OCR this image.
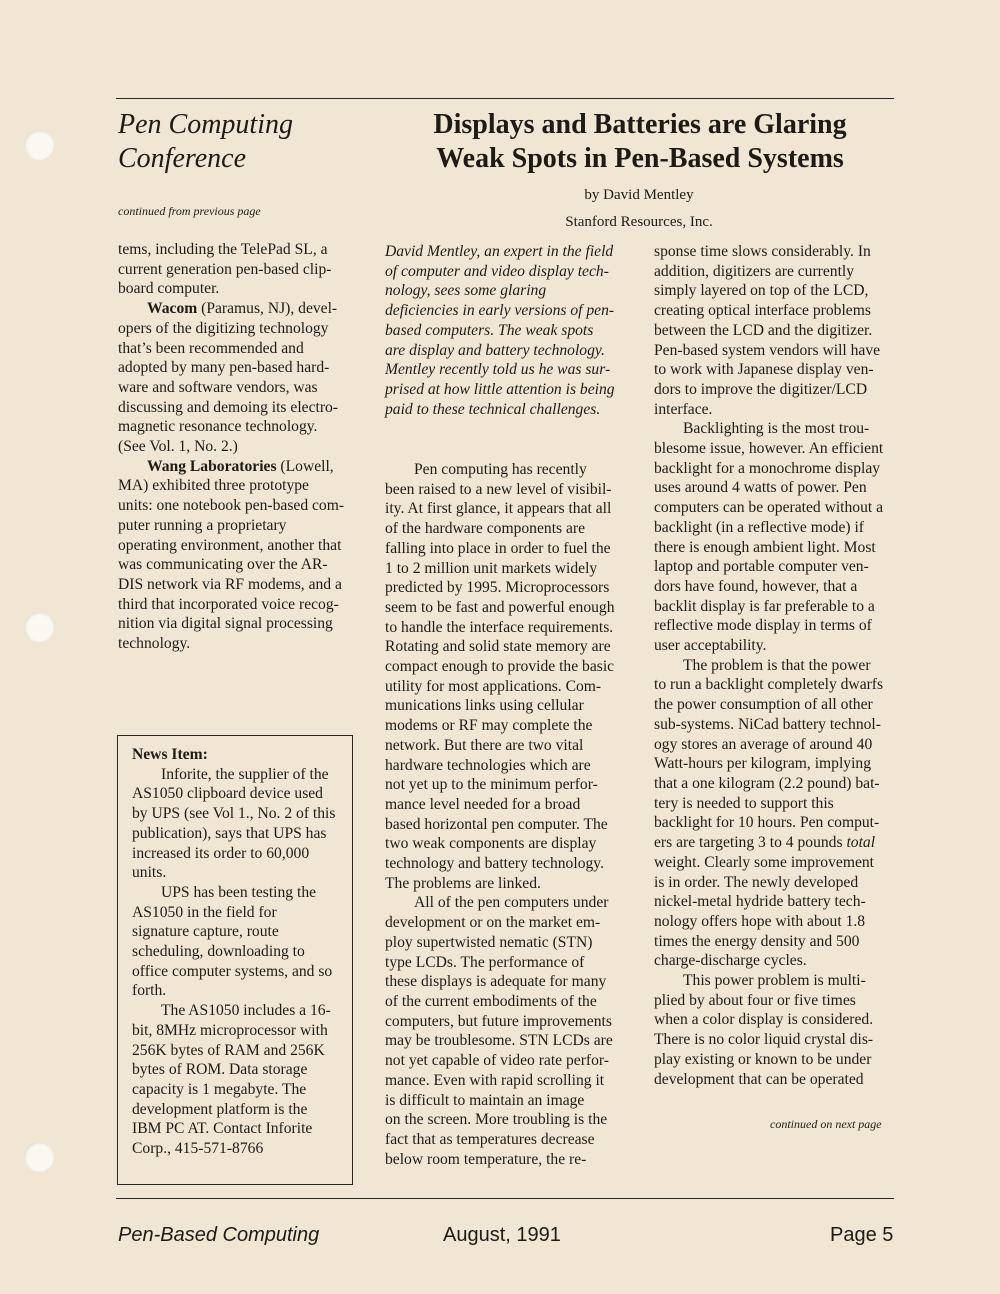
Pen Computing
Conference
continued from previous page
Displays and Batteries are Glaring
Weak Spots in Pen-Based Systems
by David Mentley
Stanford Resources, Inc.
tems, including the TelePad SL, a
current generation pen-based clip-
board computer.
Wacom (Paramus, NJ), devel-
opers of the digitizing technology
that’s been recommended and
adopted by many pen-based hard-
ware and software vendors, was
discussing and demoing its electro-
magnetic resonance technology.
(See Vol. 1, No. 2.)
Wang Laboratories (Lowell,
MA) exhibited three prototype
units: one notebook pen-based com-
puter running a proprietary
operating environment, another that
was communicating over the AR-
DIS network via RF modems, and a
third that incorporated voice recog-
nition via digital signal processing
technology.
News Item:
Inforite, the supplier of the
AS1050 clipboard device used
by UPS (see Vol 1., No. 2 of this
publication), says that UPS has
increased its order to 60,000
units.
UPS has been testing the
AS1050 in the field for
signature capture, route
scheduling, downloading to
office computer systems, and so
forth.
The AS1050 includes a 16-
bit, 8MHz microprocessor with
256K bytes of RAM and 256K
bytes of ROM. Data storage
capacity is 1 megabyte. The
development platform is the
IBM PC AT. Contact Inforite
Corp., 415-571-8766
David Mentley, an expert in the field
of computer and video display tech-
nology, sees some glaring
deficiencies in early versions of pen-
based computers. The weak spots
are display and battery technology.
Mentley recently told us he was sur-
prised at how little attention is being
paid to these technical challenges.
Pen computing has recently
been raised to a new level of visibil-
ity. At first glance, it appears that all
of the hardware components are
falling into place in order to fuel the
1 to 2 million unit markets widely
predicted by 1995. Microprocessors
seem to be fast and powerful enough
to handle the interface requirements.
Rotating and solid state memory are
compact enough to provide the basic
utility for most applications. Com-
munications links using cellular
modems or RF may complete the
network. But there are two vital
hardware technologies which are
not yet up to the minimum perfor-
mance level needed for a broad
based horizontal pen computer. The
two weak components are display
technology and battery technology.
The problems are linked.
All of the pen computers under
development or on the market em-
ploy supertwisted nematic (STN)
type LCDs. The performance of
these displays is adequate for many
of the current embodiments of the
computers, but future improvements
may be troublesome. STN LCDs are
not yet capable of video rate perfor-
mance. Even with rapid scrolling it
is difficult to maintain an image
on the screen. More troubling is the
fact that as temperatures decrease
below room temperature, the re-
sponse time slows considerably. In
addition, digitizers are currently
simply layered on top of the LCD,
creating optical interface problems
between the LCD and the digitizer.
Pen-based system vendors will have
to work with Japanese display ven-
dors to improve the digitizer/LCD
interface.
Backlighting is the most trou-
blesome issue, however. An efficient
backlight for a monochrome display
uses around 4 watts of power. Pen
computers can be operated without a
backlight (in a reflective mode) if
there is enough ambient light. Most
laptop and portable computer ven-
dors have found, however, that a
backlit display is far preferable to a
reflective mode display in terms of
user acceptability.
The problem is that the power
to run a backlight completely dwarfs
the power consumption of all other
sub-systems. NiCad battery technol-
ogy stores an average of around 40
Watt-hours per kilogram, implying
that a one kilogram (2.2 pound) bat-
tery is needed to support this
backlight for 10 hours. Pen comput-
ers are targeting 3 to 4 pounds total
weight. Clearly some improvement
is in order. The newly developed
nickel-metal hydride battery tech-
nology offers hope with about 1.8
times the energy density and 500
charge-discharge cycles.
This power problem is multi-
plied by about four or five times
when a color display is considered.
There is no color liquid crystal dis-
play existing or known to be under
development that can be operated
continued on next page
Pen-Based Computing	August, 1991	Page 5
